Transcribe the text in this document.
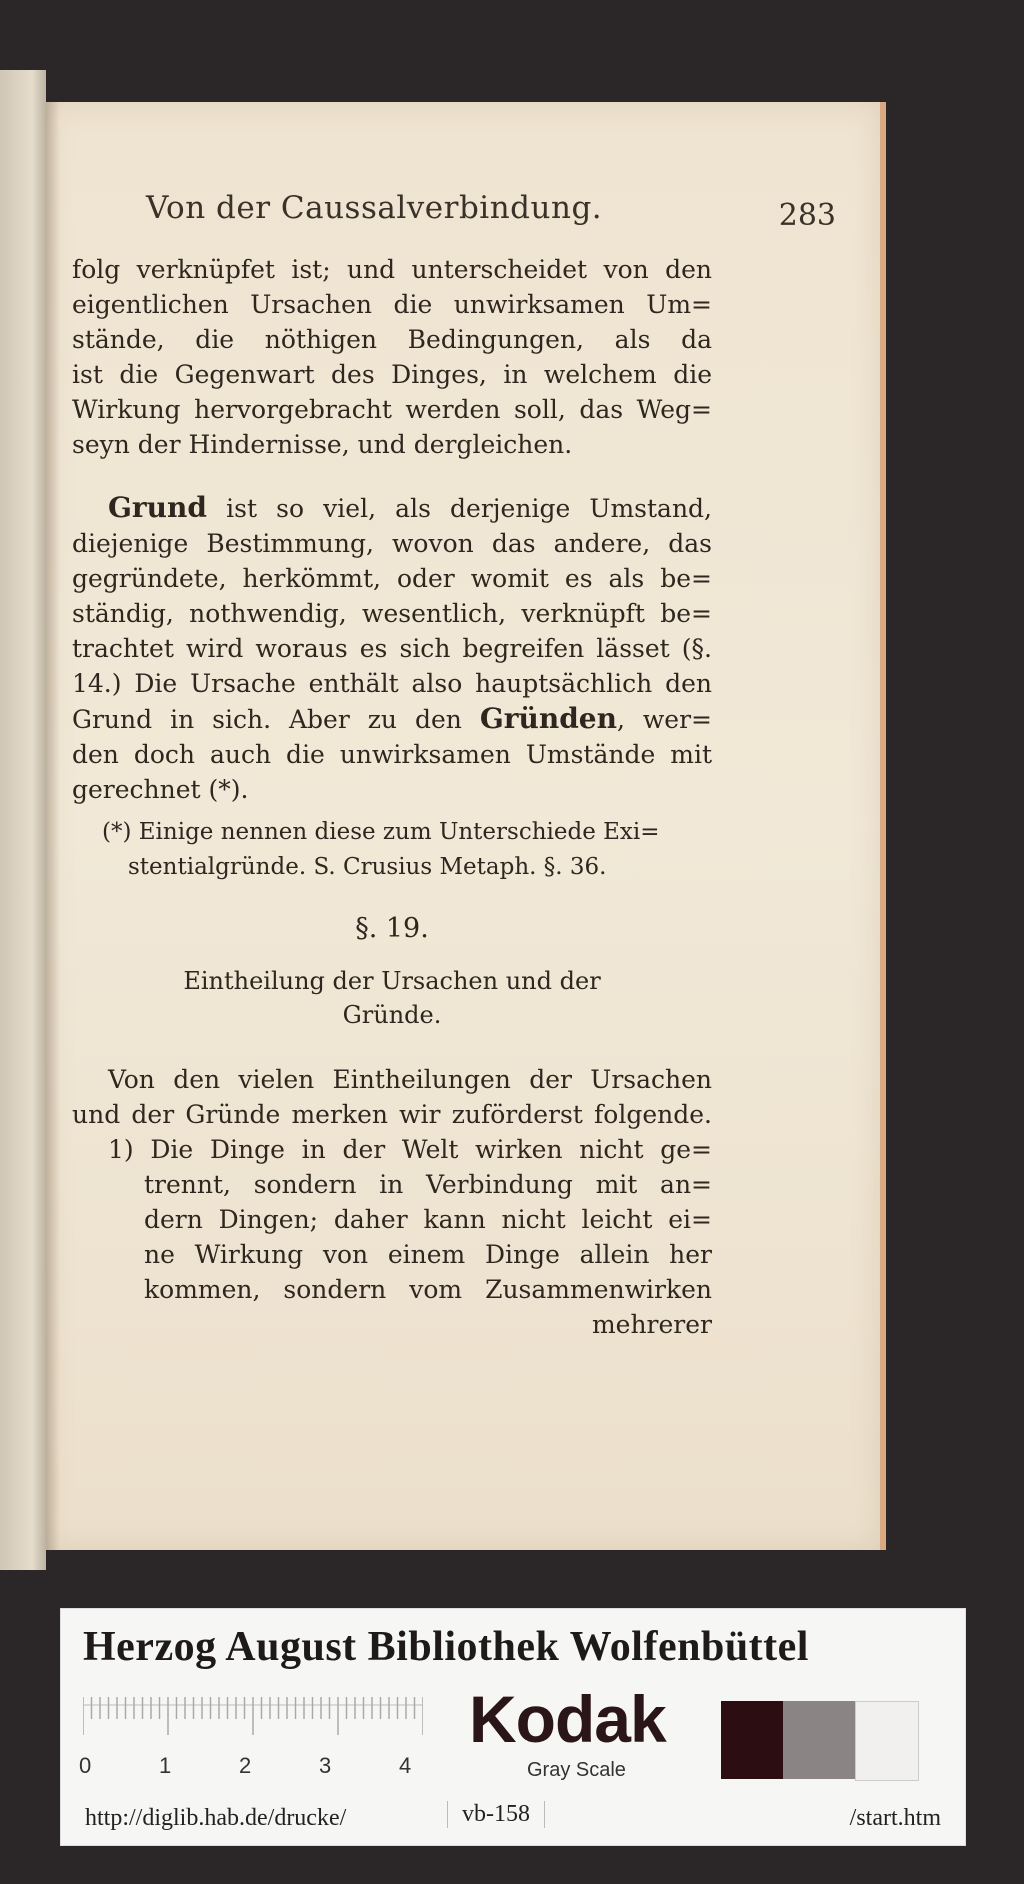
Von der Caussalverbindung.	283

folg verknüpfet ist; und unterscheidet von den
eigentlichen Ursachen die unwirksamen Um=
stände, die nöthigen Bedingungen, als da
ist die Gegenwart des Dinges, in welchem die
Wirkung hervorgebracht werden soll, das Weg=
seyn der Hindernisse, und dergleichen.

Grund ist so viel, als derjenige Umstand,
diejenige Bestimmung, wovon das andere, das
gegründete, herkömmt, oder womit es als be=
ständig, nothwendig, wesentlich, verknüpft be=
trachtet wird woraus es sich begreifen lässet (§.
14.) Die Ursache enthält also hauptsächlich den
Grund in sich. Aber zu den Gründen, wer=
den doch auch die unwirksamen Umstände mit
gerechnet (*).

(*) Einige nennen diese zum Unterschiede Exi=
stentialgründe. S. Crusius Metaph. §. 36.

§. 19.
Eintheilung der Ursachen und der
Gründe.

Von den vielen Eintheilungen der Ursachen
und der Gründe merken wir zuförderst folgende.

1) Die Dinge in der Welt wirken nicht ge=
trennt, sondern in Verbindung mit an=
dern Dingen; daher kann nicht leicht ei=
ne Wirkung von einem Dinge allein her
kommen, sondern vom Zusammenwirken
mehrerer

Herzog August Bibliothek Wolfenbüttel
0	1	2	3	4
Kodak
Gray Scale
http://diglib.hab.de/drucke/	vb-158	/start.htm
